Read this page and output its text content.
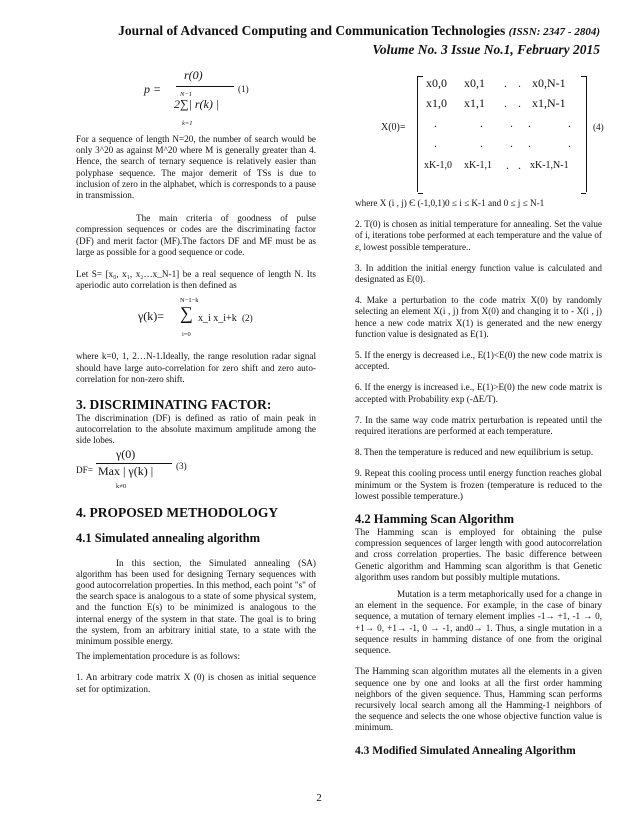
Journal of Advanced Computing and Communication Technologies (ISSN: 2347 - 2804)
Volume No. 3 Issue No.1, February 2015
p =
r(0)
N−1
2∑| r(k) |
k=1
(1)

For a sequence of length N=20, the number of search would be only 3^20 as against M^20 where M is generally greater than 4. Hence, the search of ternary sequence is relatively easier than polyphase sequence. The major demerit of TSs is due to inclusion of zero in the alphabet, which is corresponds to a pause in transmission.

The main criteria of goodness of pulse compression sequences or codes are the discriminating factor (DF) and merit factor (MF).The factors DF and MF must be as large as possible for a good sequence or code.

Let S= [x₀, x₁, x₂…x_N-1] be a real sequence of length N. Its aperiodic auto correlation is then defined as

N−1−k
γ(k)= ∑ x_i x_i+k (2)
i=0

where k=0, 1, 2…N-1.Ideally, the range resolution radar signal should have large auto-correlation for zero shift and zero auto-correlation for non-zero shift.

3. DISCRIMINATING FACTOR:

The discrimination (DF) is defined as ratio of main peak in autocorrelation to the absolute maximum amplitude among the side lobes.

DF=
γ(0)
Max | γ(k) |
k≠0
(3)

4. PROPOSED METHODOLOGY

4.1 Simulated annealing algorithm

In this section, the Simulated annealing (SA) algorithm has been used for designing Ternary sequences with good autocorrelation properties. In this method, each point "s" of the search space is analogous to a state of some physical system, and the function E(s) to be minimized is analogous to the internal energy of the system in that state. The goal is to bring the system, from an arbitrary initial state, to a state with the minimum possible energy.

The implementation procedure is as follows:

1. An arbitrary code matrix X (0) is chosen as initial sequence set for optimization.

X(0)=
x0,0 x0,1 . . x0,N-1
x1,0 x1,1 . . x1,N-1
.	. . .	.
.	. . .	.
xK-1,0 xK-1,1 . . xK-1,N-1
(4)

where X (i , j) Є (-1,0,1)0 ≤ i ≤ K-1 and 0 ≤ j ≤ N-1

2. T(0) is chosen as initial temperature for annealing. Set the value of i, iterations tobe performed at each temperature and the value of ε, lowest possible temperature..

3. In addition the initial energy function value is calculated and designated as E(0).

4. Make a perturbation to the code matrix X(0) by randomly selecting an element X(i , j) from X(0) and changing it to - X(i , j) hence a new code matrix X(1) is generated and the new energy function value is designated as E(1).

5. If the energy is decreased i.e., E(1)<E(0) the new code matrix is accepted.

6. If the energy is increased i.e., E(1)>E(0) the new code matrix is accepted with Probability exp (-ΔE/T).

7. In the same way code matrix perturbation is repeated until the required iterations are performed at each temperature.

8. Then the temperature is reduced and new equilibrium is setup.

9. Repeat this cooling process until energy function reaches global minimum or the System is frozen (temperature is reduced to the lowest possible temperature.)

4.2 Hamming Scan Algorithm

The Hamming scan is employed for obtaining the pulse compression sequences of larger length with good autocorrelation and cross correlation properties. The basic difference between Genetic algorithm and Hamming scan algorithm is that Genetic algorithm uses random but possibly multiple mutations.

Mutation is a term metaphorically used for a change in an element in the sequence. For example, in the case of binary sequence, a mutation of ternary element implies -1→ +1, -1 → 0, +1→ 0, +1→ -1, 0 → -1, and0→ 1. Thus, a single mutation in a sequence results in hamming distance of one from the original sequence.

The Hamming scan algorithm mutates all the elements in a given sequence one by one and looks at all the first order hamming neighbors of the given sequence. Thus, Hamming scan performs recursively local search among all the Hamming-1 neighbors of the sequence and selects the one whose objective function value is minimum.

4.3 Modified Simulated Annealing Algorithm

2
